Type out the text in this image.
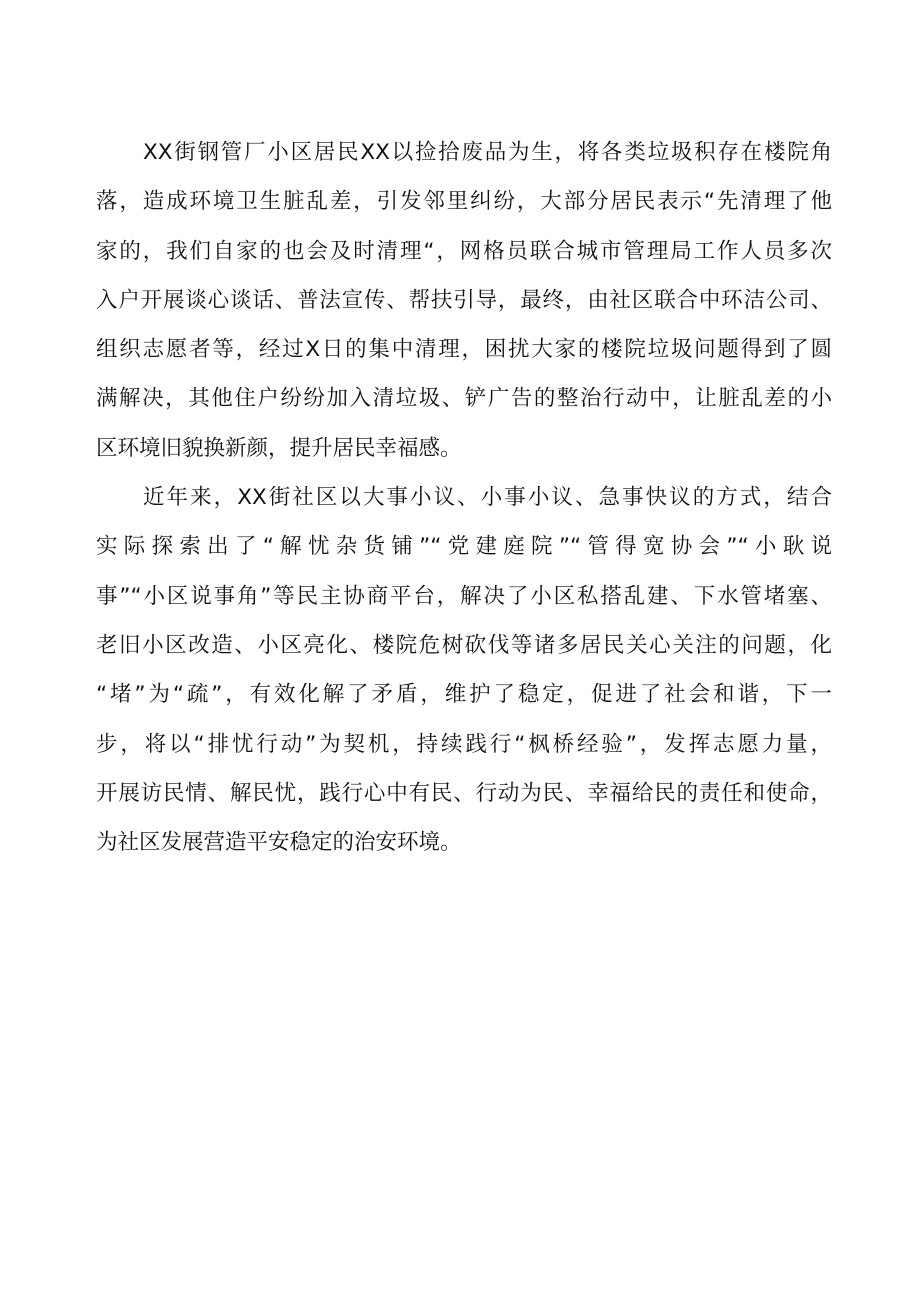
XX街钢管厂小区居民XX以捡拾废品为生，将各类垃圾积存在楼院角
落，造成环境卫生脏乱差，引发邻里纠纷，大部分居民表示“先清理了他
家的，我们自家的也会及时清理“，网格员联合城市管理局工作人员多次
入户开展谈心谈话、普法宣传、帮扶引导，最终，由社区联合中环洁公司、
组织志愿者等，经过X日的集中清理，困扰大家的楼院垃圾问题得到了圆
满解决，其他住户纷纷加入清垃圾、铲广告的整治行动中，让脏乱差的小
区环境旧貌换新颜，提升居民幸福感。
近年来，XX街社区以大事小议、小事小议、急事快议的方式，结合
实际探索出了“解忧杂货铺”“党建庭院”“管得宽协会”“小耿说
事”“小区说事角”等民主协商平台，解决了小区私搭乱建、下水管堵塞、
老旧小区改造、小区亮化、楼院危树砍伐等诸多居民关心关注的问题，化
“堵”为“疏”，有效化解了矛盾，维护了稳定，促进了社会和谐，下一
步，将以“排忧行动”为契机，持续践行“枫桥经验”，发挥志愿力量，
开展访民情、解民忧，践行心中有民、行动为民、幸福给民的责任和使命，
为社区发展营造平安稳定的治安环境。
